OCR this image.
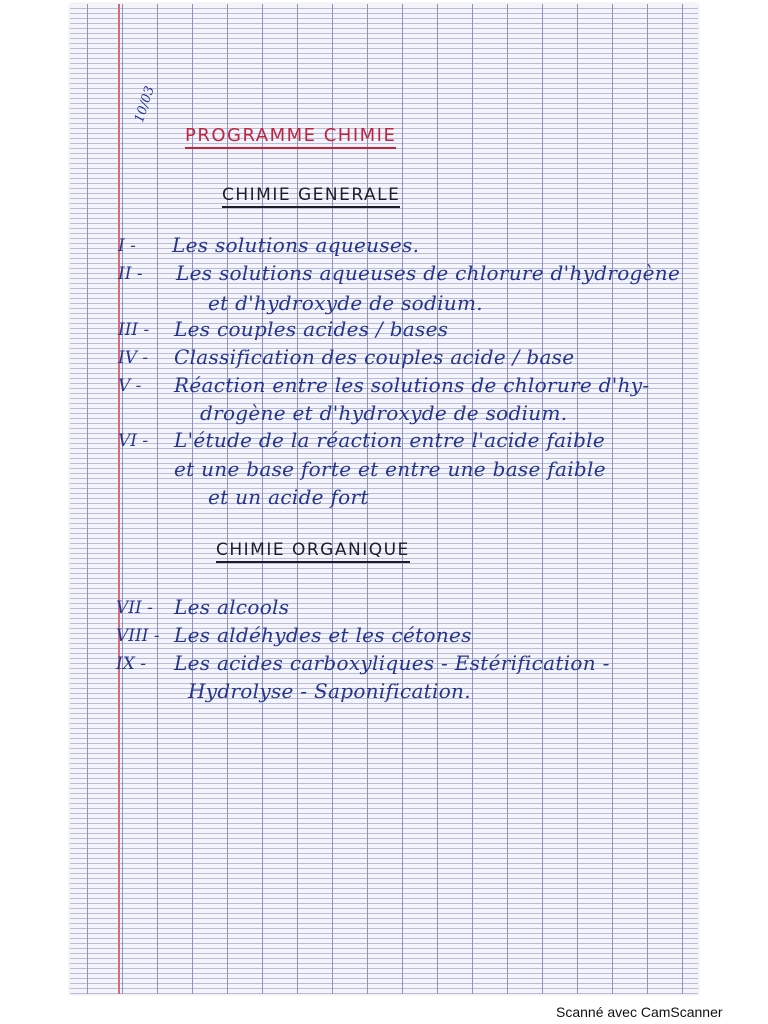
10/03
PROGRAMME CHIMIE
CHIMIE GENERALE
I - Les solutions aqueuses.
II - Les solutions aqueuses de chlorure d'hydrogène
et d'hydroxyde de sodium.
III - Les couples acides / bases
IV - Classification des couples acide / base
V - Réaction entre les solutions de chlorure d'hy-
drogène et d'hydroxyde de sodium.
VI - L'étude de la réaction entre l'acide faible
et une base forte et entre une base faible
et un acide fort
CHIMIE ORGANIQUE
VII - Les alcools
VIII - Les aldéhydes et les cétones
IX - Les acides carboxyliques - Estérification -
Hydrolyse - Saponification.
Scanné avec CamScanner
